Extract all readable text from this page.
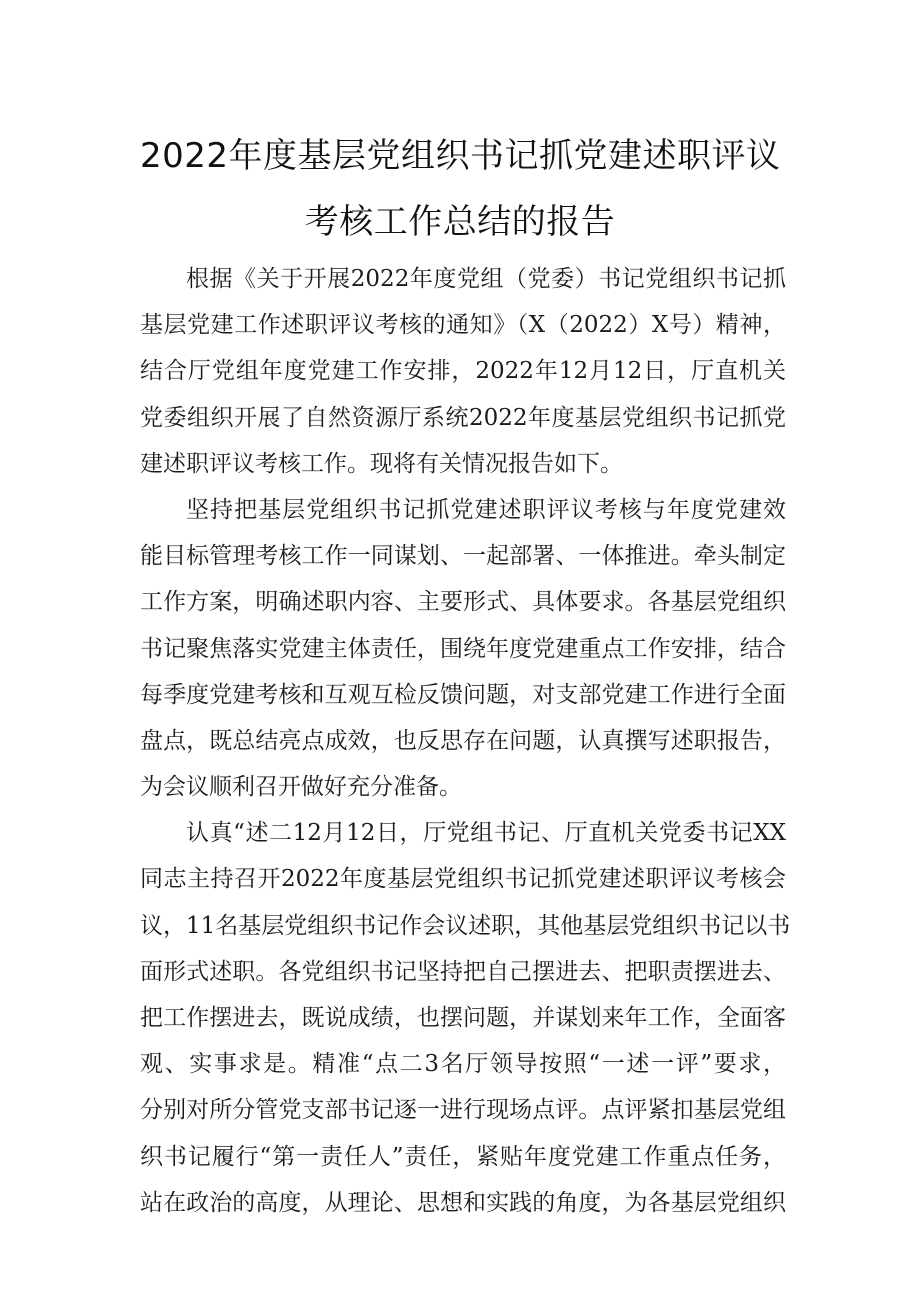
2022年度基层党组织书记抓党建述职评议
考核工作总结的报告
根据《关于开展2022年度党组（党委）书记党组织书记抓
基层党建工作述职评议考核的通知》（X（2022）X号）精神，
结合厅党组年度党建工作安排，2022年12月12日，厅直机关
党委组织开展了自然资源厅系统2022年度基层党组织书记抓党
建述职评议考核工作。现将有关情况报告如下。
坚持把基层党组织书记抓党建述职评议考核与年度党建效
能目标管理考核工作一同谋划、一起部署、一体推进。牵头制定
工作方案，明确述职内容、主要形式、具体要求。各基层党组织
书记聚焦落实党建主体责任，围绕年度党建重点工作安排，结合
每季度党建考核和互观互检反馈问题，对支部党建工作进行全面
盘点，既总结亮点成效，也反思存在问题，认真撰写述职报告，
为会议顺利召开做好充分准备。
认真“述二12月12日，厅党组书记、厅直机关党委书记XX
同志主持召开2022年度基层党组织书记抓党建述职评议考核会
议，11名基层党组织书记作会议述职，其他基层党组织书记以书
面形式述职。各党组织书记坚持把自己摆进去、把职责摆进去、
把工作摆进去，既说成绩，也摆问题，并谋划来年工作，全面客
观、实事求是。精准“点二3名厅领导按照“一述一评”要求，
分别对所分管党支部书记逐一进行现场点评。点评紧扣基层党组
织书记履行“第一责任人”责任，紧贴年度党建工作重点任务，
站在政治的高度，从理论、思想和实践的角度，为各基层党组织
